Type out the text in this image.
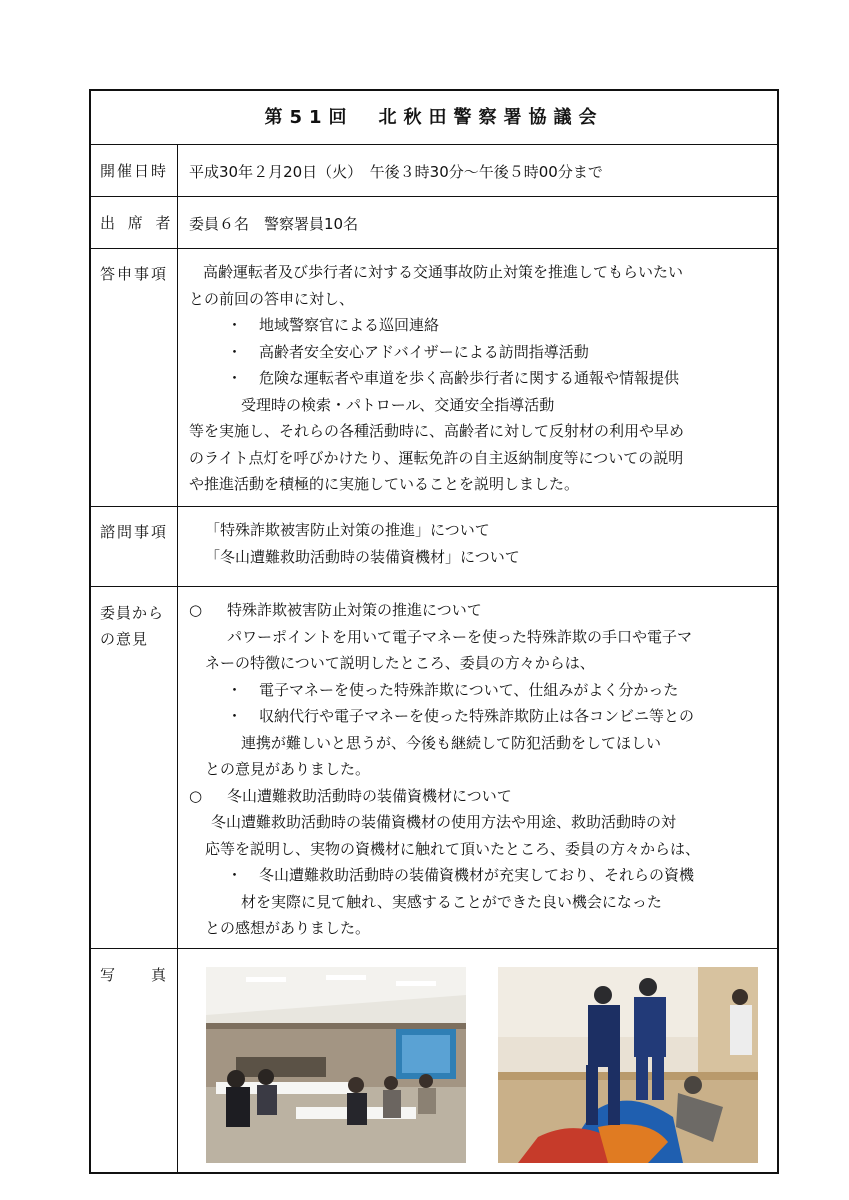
第51回　北秋田警察署協議会
開催日時 平成30年２月20日（火）　午後３時30分～午後５時00分まで
出 席 者 委員６名　警察署員10名
答申事項	高齢運転者及び歩行者に対する交通事故防止対策を推進してもらいたい
との前回の答申に対し、
・ 地域警察官による巡回連絡
・ 高齢者安全安心アドバイザーによる訪問指導活動
・ 危険な運転者や車道を歩く高齢歩行者に関する通報や情報提供
受理時の検索・パトロール、交通安全指導活動
等を実施し、それらの各種活動時に、高齢者に対して反射材の利用や早め
のライト点灯を呼びかけたり、運転免許の自主返納制度等についての説明
や推進活動を積極的に実施していることを説明しました。
諮問事項	「特殊詐欺被害防止対策の推進」について
「冬山遭難救助活動時の装備資機材」について
委員から
の意見
○ 特殊詐欺被害防止対策の推進について
パワーポイントを用いて電子マネーを使った特殊詐欺の手口や電子マ
ネーの特徴について説明したところ、委員の方々からは、
・ 電子マネーを使った特殊詐欺について、仕組みがよく分かった
・ 収納代行や電子マネーを使った特殊詐欺防止は各コンビニ等との
連携が難しいと思うが、今後も継続して防犯活動をしてほしい
との意見がありました。
○ 冬山遭難救助活動時の装備資機材について
冬山遭難救助活動時の装備資機材の使用方法や用途、救助活動時の対
応等を説明し、実物の資機材に触れて頂いたところ、委員の方々からは、
・ 冬山遭難救助活動時の装備資機材が充実しており、それらの資機
材を実際に見て触れ、実感することができた良い機会になった
との感想がありました。
写　　真
